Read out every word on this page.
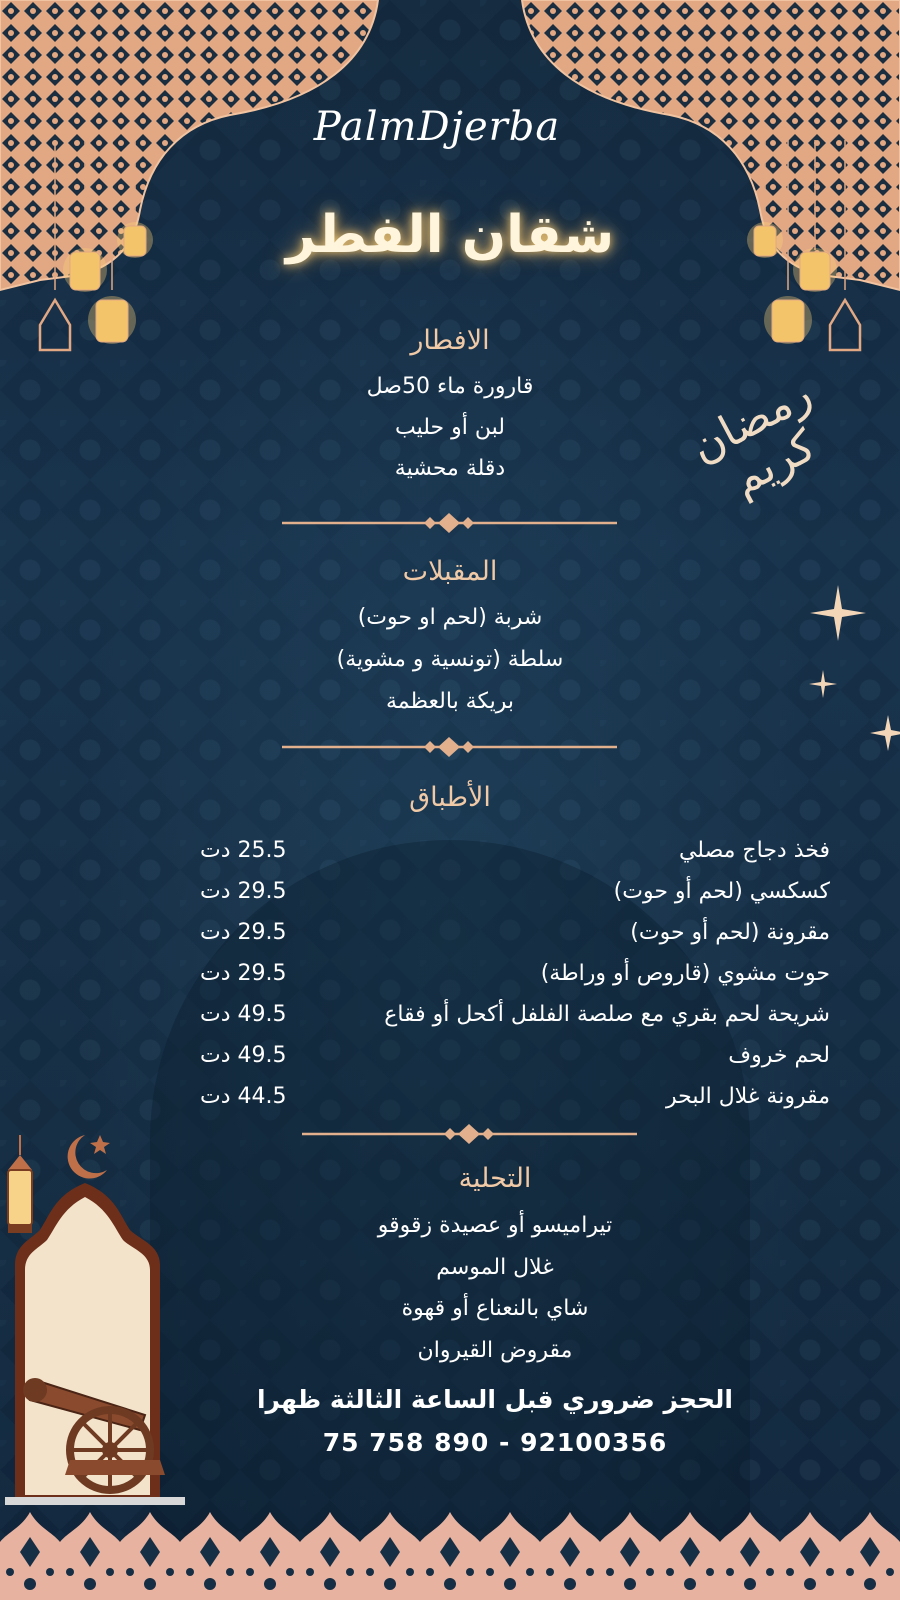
PalmDjerba
شقان الفطر
رمضان كريم
الافطار
قارورة ماء 50صل
لبن أو حليب
دقلة محشية
المقبلات
شربة (لحم او حوت)
سلطة (تونسية و مشوية)
بريكة بالعظمة
الأطباق
فخذ دجاج مصلي
25.5 دت
كسكسي (لحم أو حوت)
29.5 دت
مقرونة (لحم أو حوت)
29.5 دت
حوت مشوي (قاروص أو وراطة)
29.5 دت
شريحة لحم بقري مع صلصة الفلفل أكحل أو فقاع
49.5 دت
لحم خروف
49.5 دت
مقرونة غلال البحر
44.5 دت
التحلية
تيراميسو أو عصيدة زقوقو
غلال الموسم
شاي بالنعناع أو قهوة
مقروض القيروان
الحجز ضروري قبل الساعة الثالثة ظهرا
75 758 890 - 92100356
